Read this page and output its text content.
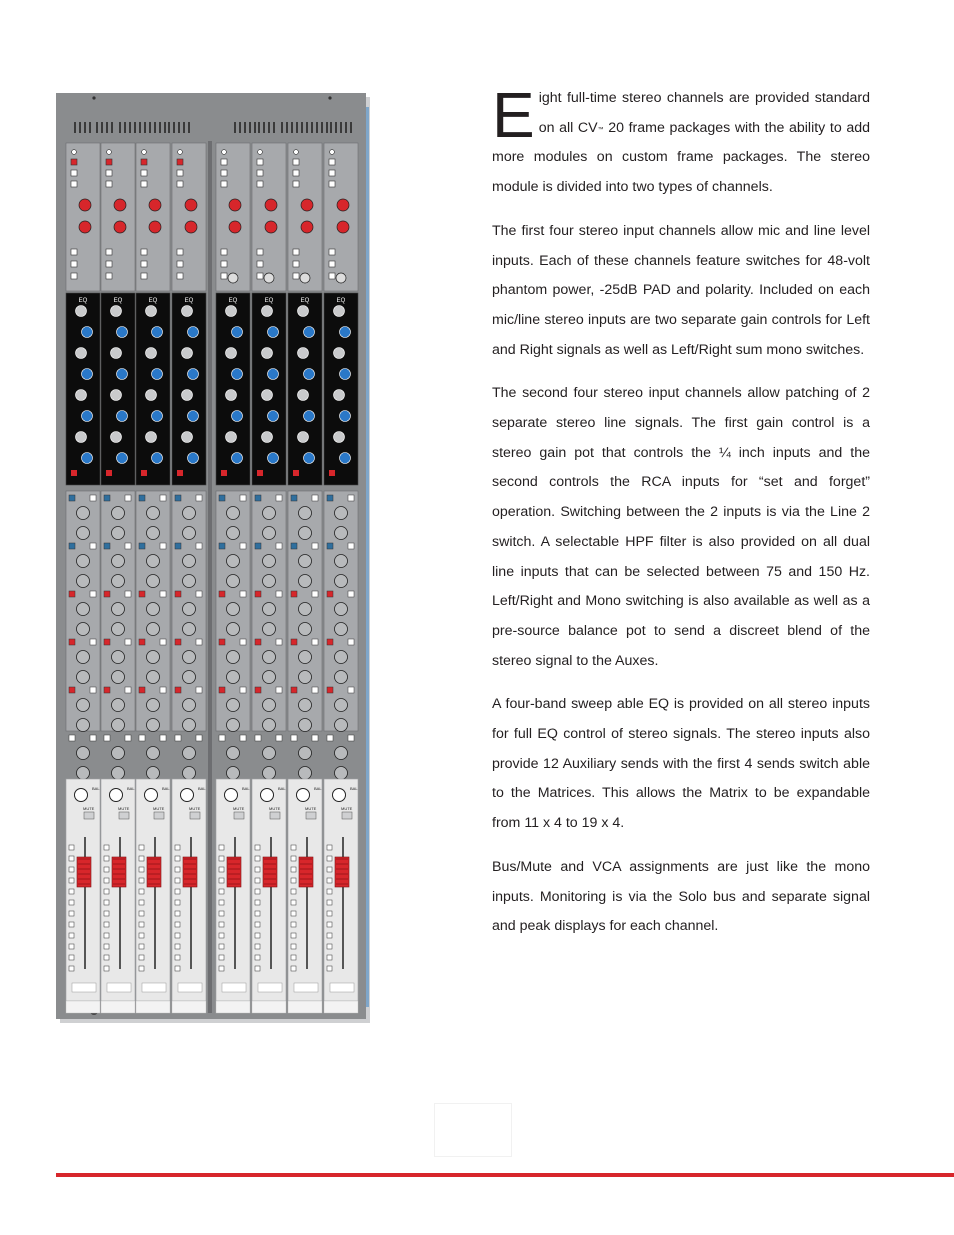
EQ
BAL
MUTE
EQ
BAL
MUTE
EQ
BAL
MUTE
EQ
BAL
MUTE
EQ
BAL
MUTE
EQ
BAL
MUTE
EQ
BAL
MUTE
EQ
BAL
MUTE

Eight full-time stereo channels are provided standard on all CV™ 20 frame packages with the ability to add more modules on custom frame packages. The stereo module is divided into two types of channels.

The first four stereo input channels allow mic and line level inputs. Each of these channels feature switches for 48-volt phantom power, -25dB PAD and polarity. Included on each mic/line stereo inputs are two separate gain controls for Left and Right signals as well as Left/Right sum mono switches.

The second four stereo input channels allow patching of 2 separate stereo line signals. The first gain control is a stereo gain pot that controls the ¼ inch inputs and the second controls the RCA inputs for “set and forget” operation. Switching between the 2 inputs is via the Line 2 switch. A selectable HPF filter is also provided on all dual line inputs that can be selected between 75 and 150 Hz. Left/Right and Mono switching is also available as well as a pre-source balance pot to send a discreet blend of the stereo signal to the Auxes.

A four-band sweep able EQ is provided on all stereo inputs for full EQ control of stereo signals. The stereo inputs also provide 12 Auxiliary sends with the first 4 sends switch able to the Matrices. This allows the Matrix to be expandable from 11 x 4 to 19 x 4.

Bus/Mute and VCA assignments are just like the mono inputs. Monitoring is via the Solo bus and separate signal and peak displays for each channel.
